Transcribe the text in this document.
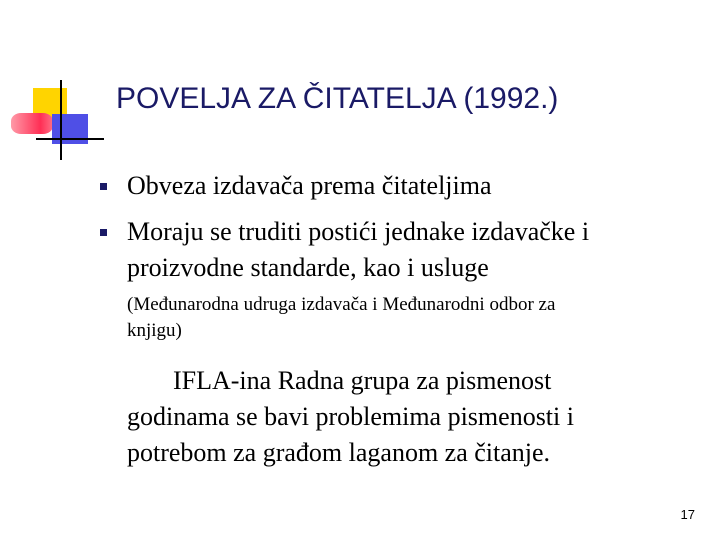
POVELJA ZA ČITATELJA (1992.)
Obveza izdavača prema čitateljima
Moraju se truditi postići jednake izdavačke i
proizvodne standarde, kao i usluge
(Međunarodna udruga izdavača i Međunarodni odbor za
knjigu)
IFLA-ina Radna grupa za pismenost
godinama se bavi problemima pismenosti i
potrebom za građom laganom za čitanje.
17
